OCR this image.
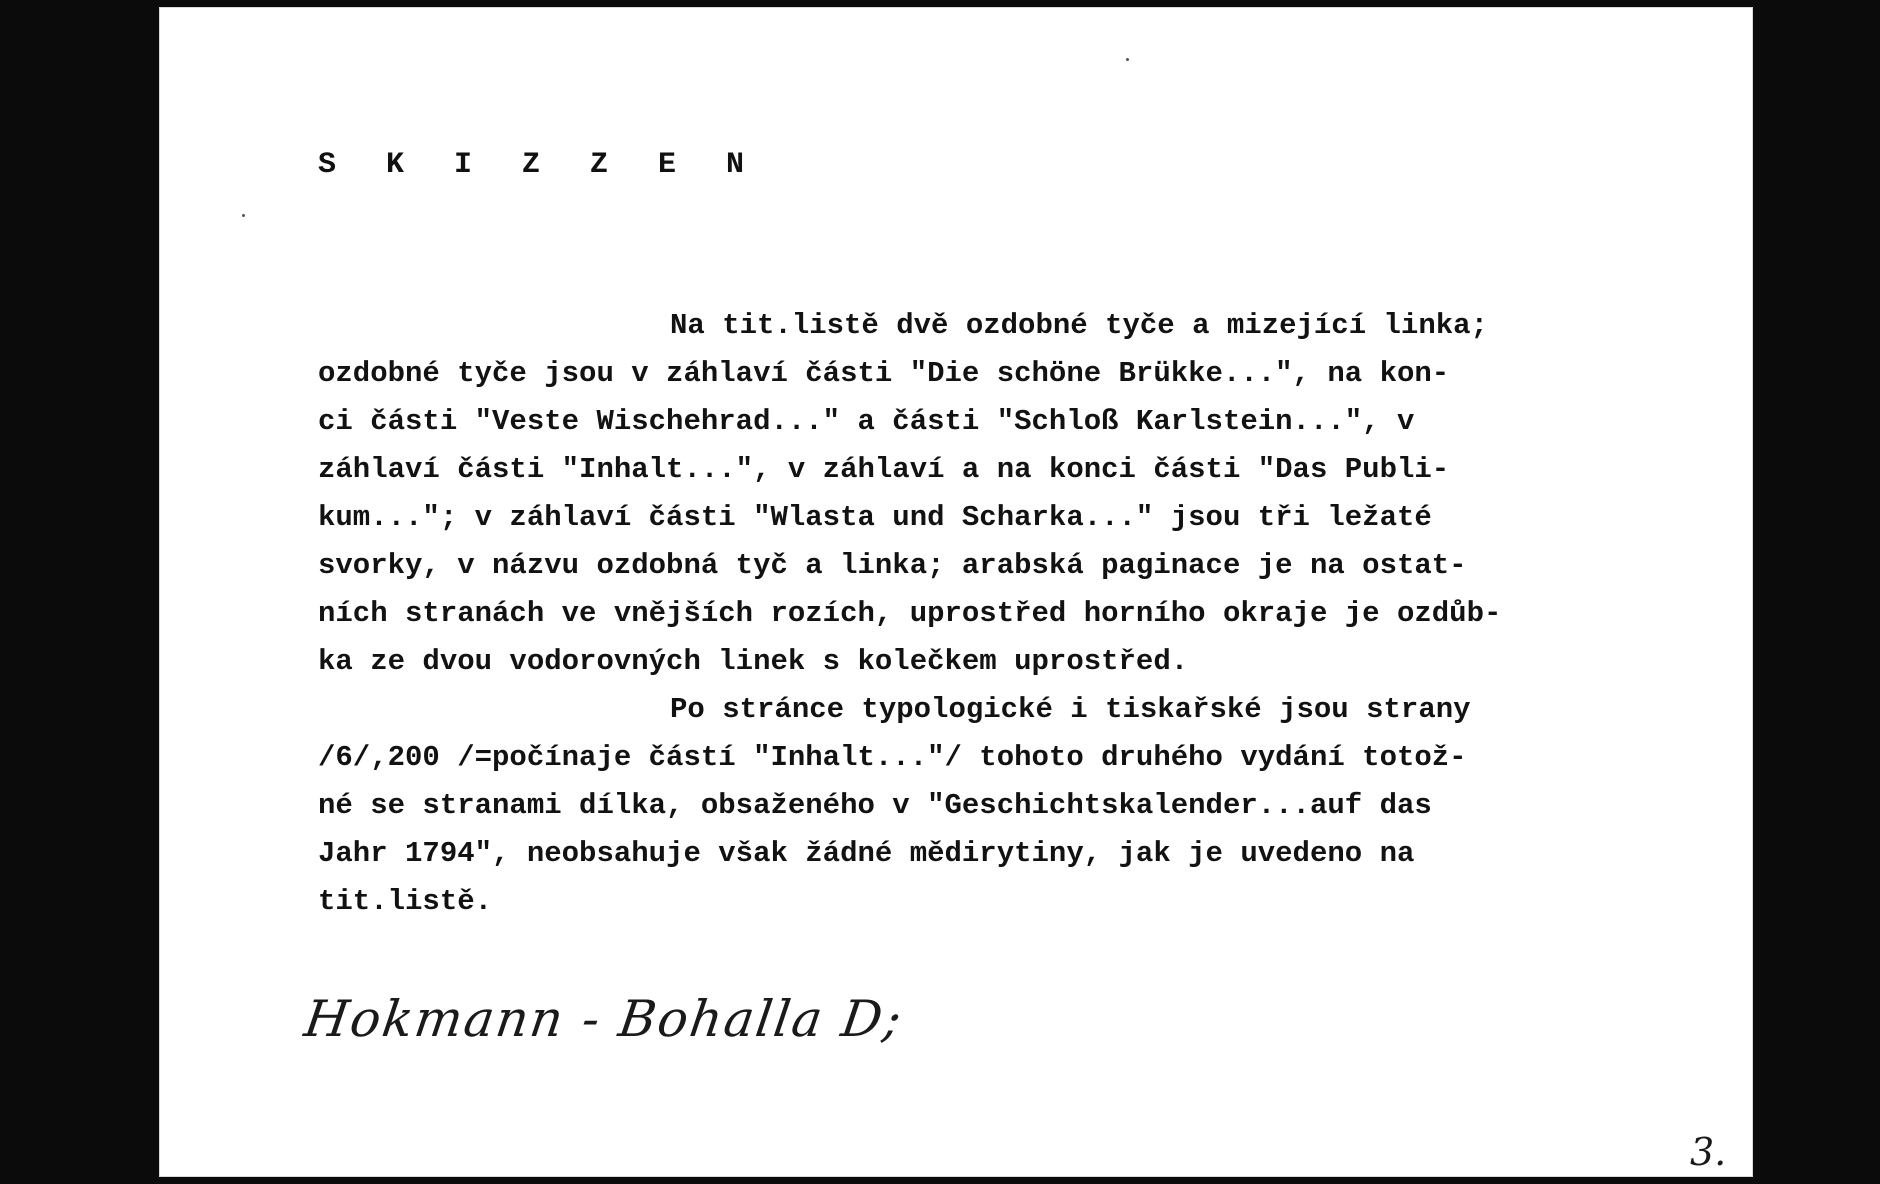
S K I Z Z E N
Na tit.listě dvě ozdobné tyče a mizející linka;
ozdobné tyče jsou v záhlaví části "Die schöne Brükke...", na kon-
ci části "Veste Wischehrad..." a části "Schloß Karlstein...", v
záhlaví části "Inhalt...", v záhlaví a na konci části "Das Publi-
kum..."; v záhlaví části "Wlasta und Scharka..." jsou tři ležaté
svorky, v názvu ozdobná tyč a linka; arabská paginace je na ostat-
ních stranách ve vnějších rozích, uprostřed horního okraje je ozdůb-
ka ze dvou vodorovných linek s kolečkem uprostřed.
Po stránce typologické i tiskařské jsou strany
/6/,200 /=počínaje částí "Inhalt..."/ tohoto druhého vydání totož-
né se stranami dílka, obsaženého v "Geschichtskalender...auf das
Jahr 1794", neobsahuje však žádné mědirytiny, jak je uvedeno na
tit.listě.
Hokmann - Bohalla D;
3.
